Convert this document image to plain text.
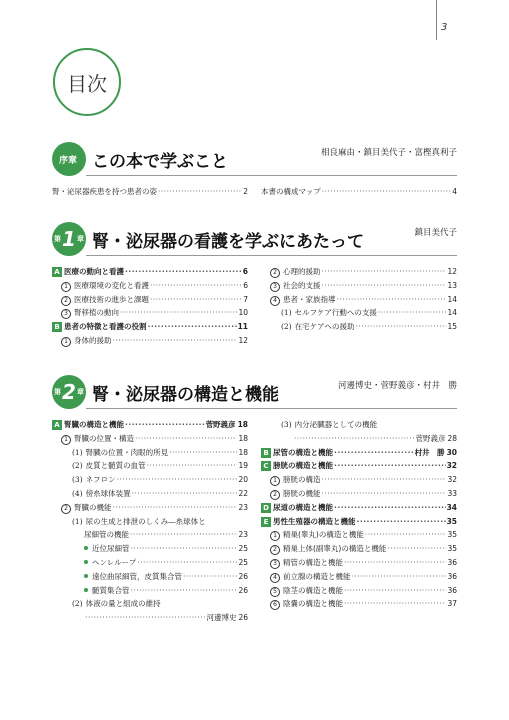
3
目次
序章 この本で学ぶこと	相良麻由・鎮目美代子・富樫真利子
腎・泌尿器疾患を持つ患者の姿 ·····	2 本書の構成マップ ·····	4
第 1 章 腎・泌尿器の看護を学ぶにあたって	鎮目美代子
A 医療の動向と看護 ·····	6
1 医療環境の変化と看護 ·····	6
2 医療技術の進歩と課題 ·····	7
3 腎移植の動向 ·····	10
B 患者の特徴と看護の役割 ·····	11
1 身体的援助 ·····	12
2 心理的援助 ·····	12
3 社会的支援 ·····	13
4 患者・家族指導 ·····	14
(1) セルフケア行動への支援 ·····	14
(2) 在宅ケアへの援助 ·····	15
第 2 章 腎・泌尿器の構造と機能	河邊博史・菅野義彦・村井　勝
A 腎臓の構造と機能 ·····	菅野義彦 18
1 腎臓の位置・構造 ·····	18
(1) 腎臓の位置・肉眼的所見 ·····	18
(2) 皮質と髄質の血管 ·····	19
(3) ネフロン ·····	20
(4) 傍糸球体装置 ·····	22
2 腎臓の機能 ·····	23
(1) 尿の生成と排泄のしくみ―糸球体と
尿細管の機能 ·····	23
近位尿細管 ·····	25
ヘンレループ ·····	25
遠位曲尿細管，皮質集合管 ·····	26
髄質集合管 ·····	26
(2) 体液の量と組成の維持
·····
河邊博史 26
(3) 内分泌臓器としての機能
·····
菅野義彦 28
B 尿管の構造と機能 ·····	村井　勝 30
C 膀胱の構造と機能 ·····	32
1 膀胱の構造 ·····	32
2 膀胱の機能 ·····	33
D 尿道の構造と機能 ·····	34
E 男性生殖器の構造と機能 ·····	35
1 精巣(睾丸)の構造と機能 ·····	35
2 精巣上体(副睾丸)の構造と機能 ·····	35
3 精管の構造と機能 ·····	36
4 前立腺の構造と機能 ·····	36
5 陰茎の構造と機能 ·····	36
6 陰嚢の構造と機能 ·····	37
